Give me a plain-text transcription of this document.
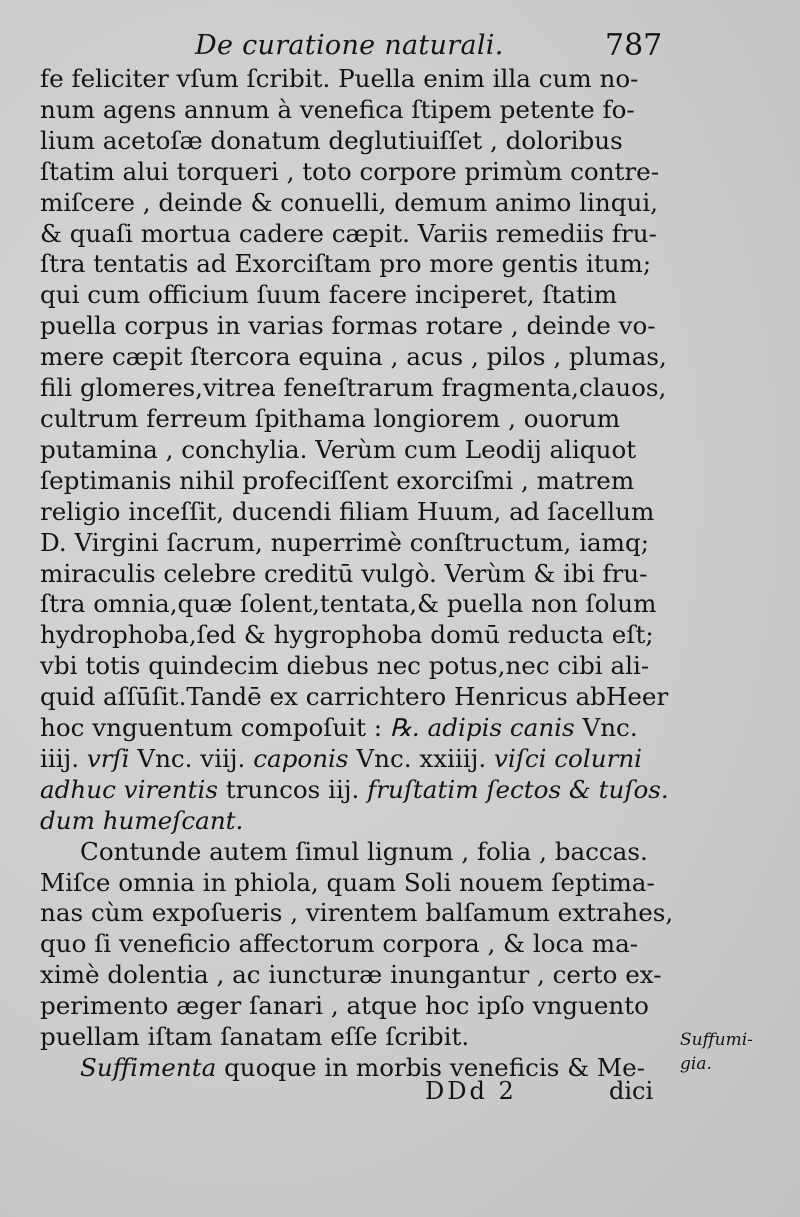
De curatione naturali.	787
fe feliciter vſum ſcribit. Puella enim illa cum no-
num agens annum à venefica ſtipem petente fo-
lium acetoſæ donatum deglutiuiſſet , doloribus
ſtatim alui torqueri , toto corpore primùm contre-
miſcere , deinde & conuelli, demum animo linqui,
& quaſi mortua cadere cæpit. Variis remediis fru-
ſtra tentatis ad Exorciſtam pro more gentis itum;
qui cum officium ſuum facere inciperet, ſtatim
puella corpus in varias formas rotare , deinde vo-
mere cæpit ſtercora equina , acus , pilos , plumas,
fili glomeres,vitrea feneſtrarum fragmenta,clauos,
cultrum ferreum ſpithama longiorem , ouorum
putamina , conchylia. Verùm cum Leodij aliquot
ſeptimanis nihil profeciſſent exorciſmi , matrem
religio inceſſit, ducendi filiam Huum, ad ſacellum
D. Virgini ſacrum, nuperrimè conſtructum, iamq;
miraculis celebre creditū vulgò. Verùm & ibi fru-
ſtra omnia,quæ ſolent,tentata,& puella non ſolum
hydrophoba,ſed & hygrophoba domū reducta eſt;
vbi totis quindecim diebus nec potus,nec cibi ali-
quid aſſūſit.Tandē ex carrichtero Henricus abHeer
hoc vnguentum compoſuit : ℞. adipis canis Vnc.
iiij. vrſi Vnc. viij. caponis Vnc. xxiiij. viſci colurni
adhuc virentis truncos iij. fruſtatim ſectos & tuſos.
dum humeſcant.
Contunde autem ſimul lignum , folia , baccas.
Miſce omnia in phiola, quam Soli nouem ſeptima-
nas cùm expoſueris , virentem balſamum extrahes,
quo ſi veneficio affectorum corpora , & loca ma-
ximè dolentia , ac iuncturæ inungantur , certo ex-
perimento æger ſanari , atque hoc ipſo vnguento
puellam iſtam ſanatam eſſe ſcribit.
Suffimenta quoque in morbis veneficis & Me-
Suffumi-
gia.
DDd 2	dici
